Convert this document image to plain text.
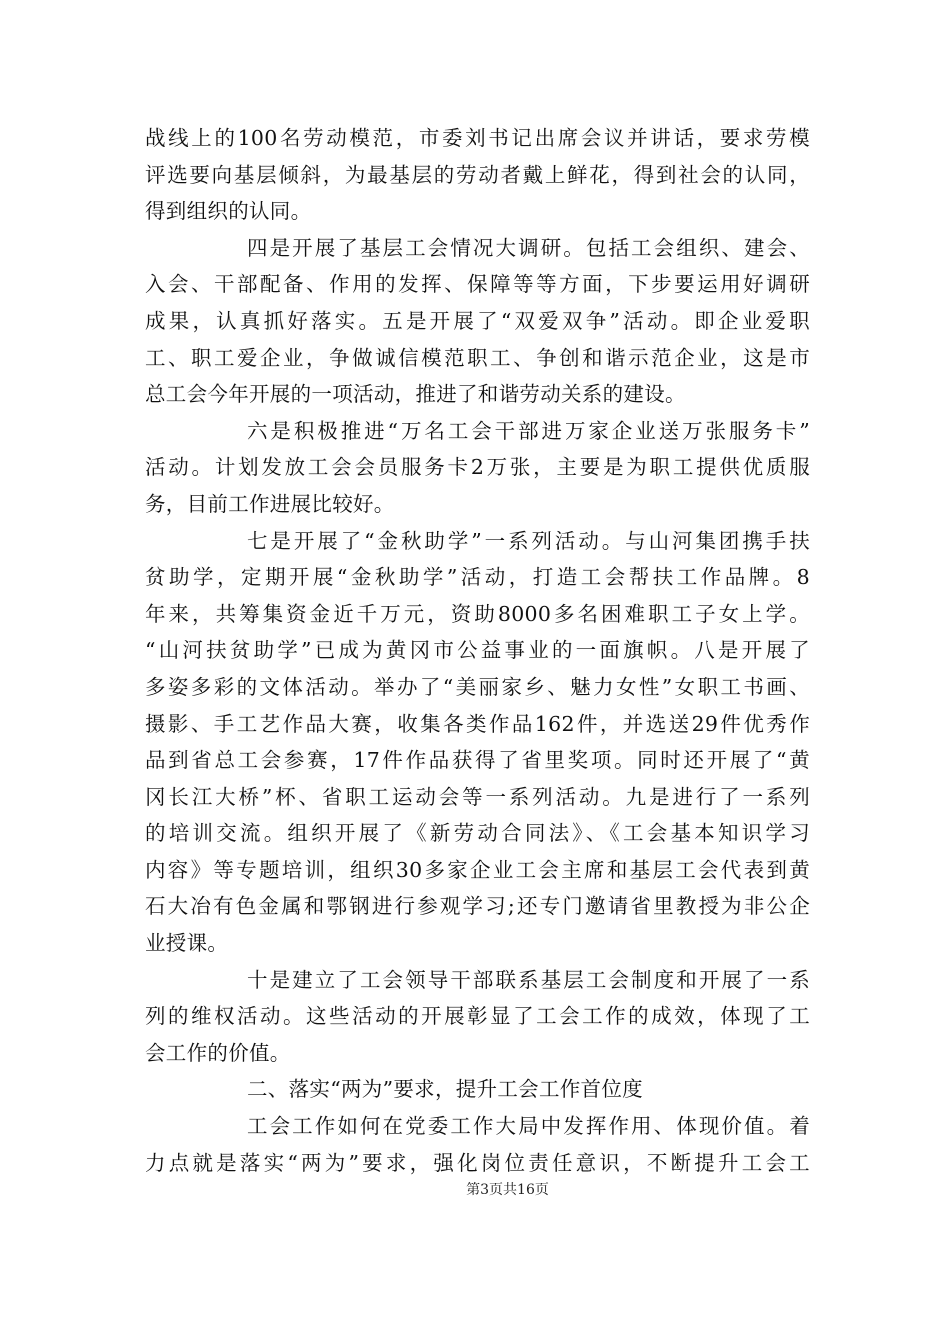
战线上的100名劳动模范，市委刘书记出席会议并讲话，要求劳模
评选要向基层倾斜，为最基层的劳动者戴上鲜花，得到社会的认同，
得到组织的认同。
四是开展了基层工会情况大调研。包括工会组织、建会、
入会、干部配备、作用的发挥、保障等等方面，下步要运用好调研
成果，认真抓好落实。五是开展了“双爱双争”活动。即企业爱职
工、职工爱企业，争做诚信模范职工、争创和谐示范企业，这是市
总工会今年开展的一项活动，推进了和谐劳动关系的建设。
六是积极推进“万名工会干部进万家企业送万张服务卡”
活动。计划发放工会会员服务卡2万张，主要是为职工提供优质服
务，目前工作进展比较好。
七是开展了“金秋助学”一系列活动。与山河集团携手扶
贫助学，定期开展“金秋助学”活动，打造工会帮扶工作品牌。8
年来，共筹集资金近千万元，资助8000多名困难职工子女上学。
“山河扶贫助学”已成为黄冈市公益事业的一面旗帜。八是开展了
多姿多彩的文体活动。举办了“美丽家乡、魅力女性”女职工书画、
摄影、手工艺作品大赛，收集各类作品162件，并选送29件优秀作
品到省总工会参赛，17件作品获得了省里奖项。同时还开展了“黄
冈长江大桥”杯、省职工运动会等一系列活动。九是进行了一系列
的培训交流。组织开展了《新劳动合同法》、《工会基本知识学习
内容》等专题培训，组织30多家企业工会主席和基层工会代表到黄
石大冶有色金属和鄂钢进行参观学习;还专门邀请省里教授为非公企
业授课。
十是建立了工会领导干部联系基层工会制度和开展了一系
列的维权活动。这些活动的开展彰显了工会工作的成效，体现了工
会工作的价值。
二、落实“两为”要求，提升工会工作首位度
工会工作如何在党委工作大局中发挥作用、体现价值。着
力点就是落实“两为”要求，强化岗位责任意识，不断提升工会工
第3页共16页
